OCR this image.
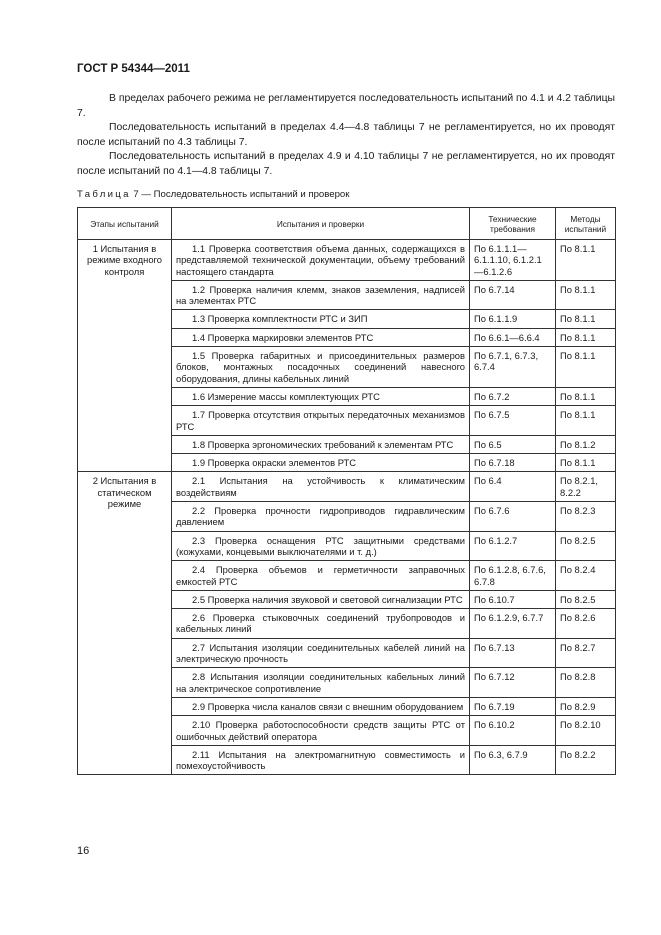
ГОСТ Р 54344—2011

В пределах рабочего режима не регламентируется последовательность испытаний по 4.1 и 4.2 таблицы 7.

Последовательность испытаний в пределах 4.4—4.8 таблицы 7 не регламентируется, но их проводят после испытаний по 4.3 таблицы 7.

Последовательность испытаний в пределах 4.9 и 4.10 таблицы 7 не регламентируется, но их проводят после испытаний по 4.1—4.8 таблицы 7.

Таблица 7 — Последовательность испытаний и проверок
Этапы испытаний	Испытания и проверки	Технические требования	Методы испытаний
1 Испытания в режиме входного контроля	1.1 Проверка соответствия объема данных, содержащихся в представляемой технической документации, объему требований настоящего стандарта	По 6.1.1.1—6.1.1.10, 6.1.2.1—6.1.2.6	По 8.1.1

	1.2 Проверка наличия клемм, знаков заземления, надписей на элементах РТС	По 6.7.14	По 8.1.1

	1.3 Проверка комплектности РТС и ЗИП	По 6.1.1.9	По 8.1.1

	1.4 Проверка маркировки элементов РТС	По 6.6.1—6.6.4	По 8.1.1

	1.5 Проверка габаритных и присоединительных размеров блоков, монтажных посадочных соединений навесного оборудования, длины кабельных линий	По 6.7.1, 6.7.3, 6.7.4	По 8.1.1

	1.6 Измерение массы комплектующих РТС	По 6.7.2	По 8.1.1

	1.7 Проверка отсутствия открытых передаточных механизмов РТС	По 6.7.5	По 8.1.1

	1.8 Проверка эргономических требований к элементам РТС	По 6.5	По 8.1.2

	1.9 Проверка окраски элементов РТС	По 6.7.18	По 8.1.1
2 Испытания в статическом режиме	2.1 Испытания на устойчивость к климатическим воздействиям	По 6.4	По 8.2.1, 8.2.2

	2.2 Проверка прочности гидроприводов гидравлическим давлением	По 6.7.6	По 8.2.3

	2.3 Проверка оснащения РТС защитными средствами (кожухами, концевыми выключателями и т. д.)	По 6.1.2.7	По 8.2.5

	2.4 Проверка объемов и герметичности заправочных емкостей РТС	По 6.1.2.8, 6.7.6, 6.7.8	По 8.2.4

	2.5 Проверка наличия звуковой и световой сигнализации РТС	По 6.10.7	По 8.2.5

	2.6 Проверка стыковочных соединений трубопроводов и кабельных линий	По 6.1.2.9, 6.7.7	По 8.2.6

	2.7 Испытания изоляции соединительных кабелей линий на электрическую прочность	По 6.7.13	По 8.2.7

	2.8 Испытания изоляции соединительных кабельных линий на электрическое сопротивление	По 6.7.12	По 8.2.8

	2.9 Проверка числа каналов связи с внешним оборудованием	По 6.7.19	По 8.2.9

	2.10 Проверка работоспособности средств защиты РТС от ошибочных действий оператора	По 6.10.2	По 8.2.10

	2.11 Испытания на электромагнитную совместимость и помехоустойчивость	По 6.3, 6.7.9	По 8.2.2
16
